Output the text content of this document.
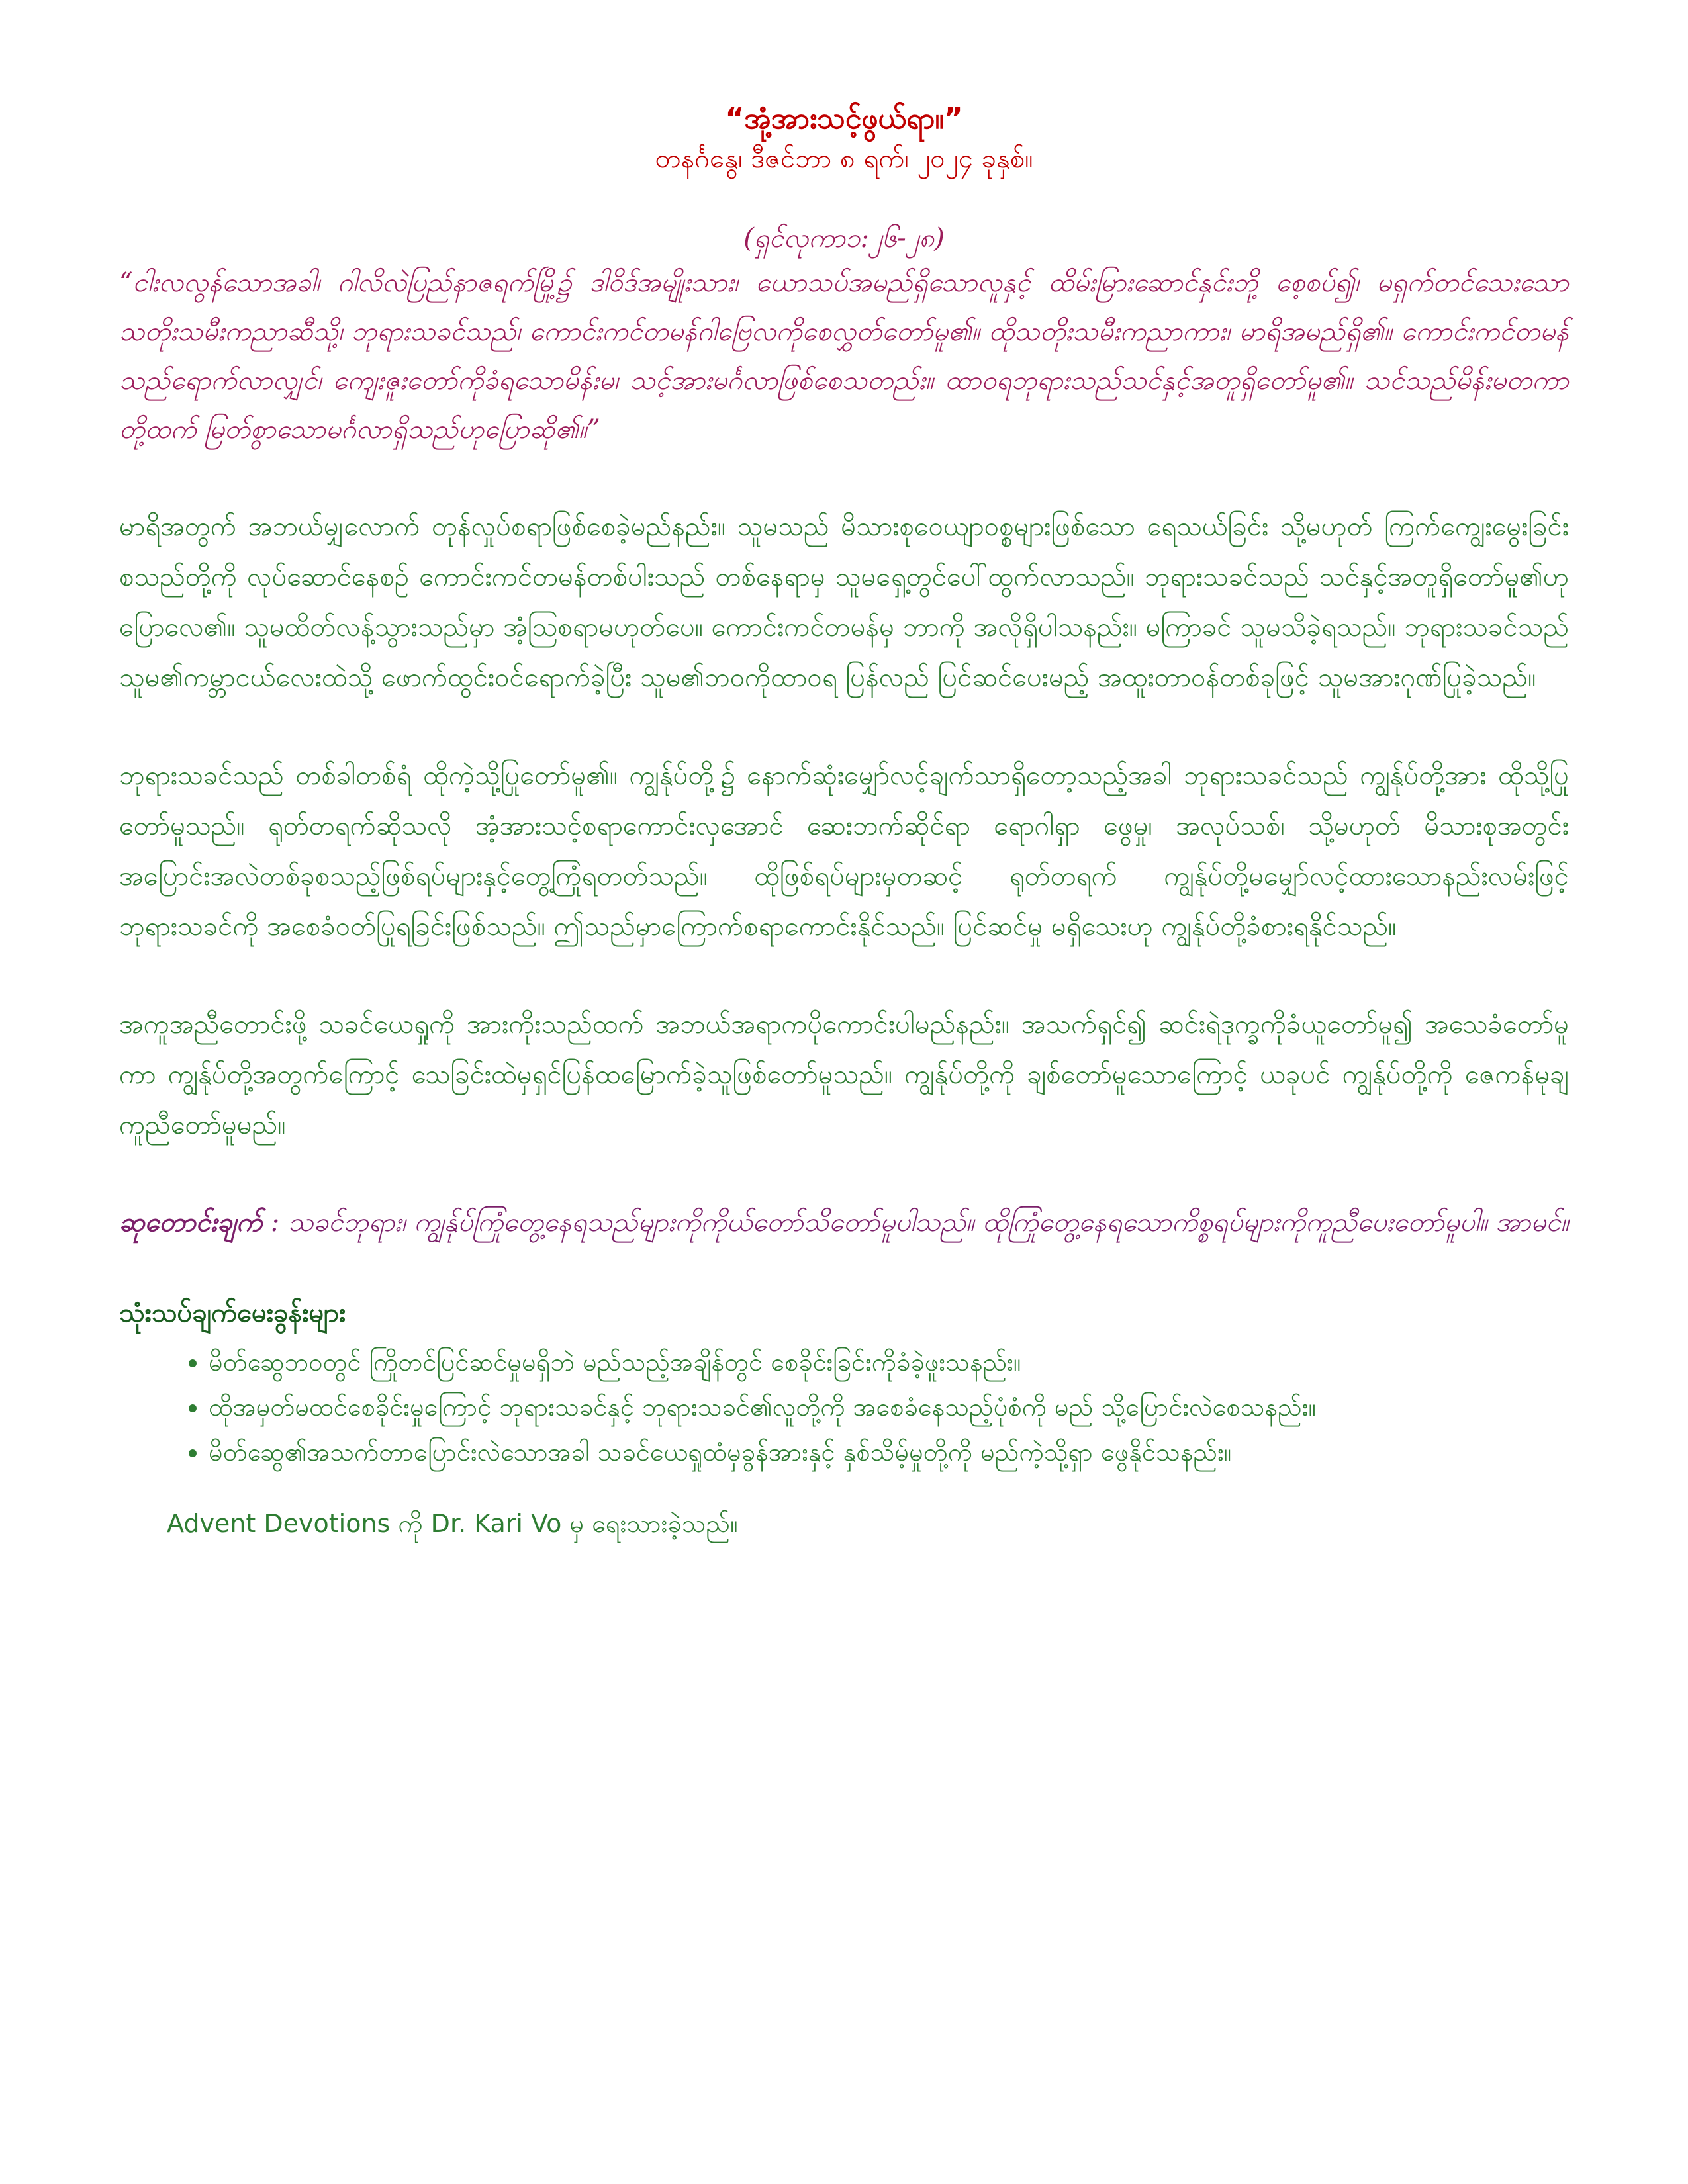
“အုံ့အားသင့်ဖွယ်ရာ။”

တနင်္ဂနွေ၊ ဒီဇင်ဘာ ၈ ရက်၊ ၂၀၂၄ ခုနှစ်။

(ရှင်လုကာ၁:၂၆-၂၈)

“ငါးလလွန်သောအခါ၊ ဂါလိလဲပြည်နာဇရက်မြို့၌ ဒါဝိဒ်အမျိုးသား၊ ယောသပ်အမည်ရှိသောလူနှင့် ထိမ်းမြားဆောင်နှင်းဘို့ စေ့စပ်၍၊ မရှက်တင်သေးသောသတိုးသမီးကညာဆီသို့၊ ဘုရားသခင်သည်၊ ကောင်းကင်တမန်ဂါဗြေလကိုစေလွှတ်တော်မူ၏။ ထိုသတိုးသမီးကညာကား၊ မာရိအမည်ရှိ၏။ ကောင်းကင်တမန်သည်ရောက်လာလျှင်၊ ကျေးဇူးတော်ကိုခံရသောမိန်းမ၊ သင့်အားမင်္ဂလာဖြစ်စေသတည်း။ ထာဝရဘုရားသည်သင်နှင့်အတူရှိတော်မူ၏။ သင်သည်မိန်းမတကာတို့ထက် မြတ်စွာသောမင်္ဂလာရှိသည်ဟုပြောဆို၏။”

မာရိအတွက် အဘယ်မျှလောက် တုန်လှုပ်စရာဖြစ်စေခဲ့မည်နည်း။ သူမသည် မိသားစုဝေယျာဝစ္စများဖြစ်သော ရေသယ်ခြင်း သို့မဟုတ် ကြက်ကျွေးမွေးခြင်းစသည်တို့ကို လုပ်ဆောင်နေစဉ် ကောင်းကင်တမန်တစ်ပါးသည် တစ်နေရာမှ သူမရှေ့တွင်ပေါ်ထွက်လာသည်။ ဘုရားသခင်သည် သင်နှင့်အတူရှိတော်မူ၏ဟုပြောလေ၏။ သူမထိတ်လန့်သွားသည်မှာ အံ့သြစရာမဟုတ်ပေ။ ကောင်းကင်တမန်မှ ဘာကို အလိုရှိပါသနည်း။ မကြာခင် သူမသိခဲ့ရသည်။ ဘုရားသခင်သည် သူမ၏ကမ္ဘာငယ်လေးထဲသို့ ဖောက်ထွင်းဝင်ရောက်ခဲ့ပြီး သူမ၏ဘဝကိုထာဝရ ပြန်လည် ပြင်ဆင်ပေးမည့် အထူးတာဝန်တစ်ခုဖြင့် သူမအားဂုဏ်ပြုခဲ့သည်။

ဘုရားသခင်သည် တစ်ခါတစ်ရံ ထိုကဲ့သို့ပြုတော်မူ၏။ ကျွန်ုပ်တို့၌ နောက်ဆုံးမျှော်လင့်ချက်သာရှိတော့သည့်အခါ ဘုရားသခင်သည် ကျွန်ုပ်တို့အား ထိုသို့ပြုတော်မူသည်။ ရုတ်တရက်ဆိုသလို အံ့အားသင့်စရာကောင်းလှအောင် ဆေးဘက်ဆိုင်ရာ ရောဂါရှာ ဖွေမှု၊ အလုပ်သစ်၊ သို့မဟုတ် မိသားစုအတွင်း အပြောင်းအလဲတစ်ခုစသည့်ဖြစ်ရပ်များနှင့်တွေ့ကြုံရတတ်သည်။ ထိုဖြစ်ရပ်များမှတဆင့် ရုတ်တရက် ကျွန်ုပ်တို့မမျှော်လင့်ထားသောနည်းလမ်းဖြင့် ဘုရားသခင်ကို အစေခံဝတ်ပြုရခြင်းဖြစ်သည်။ ဤသည်မှာကြောက်စရာကောင်းနိုင်သည်။ ပြင်ဆင်မှု မရှိသေးဟု ကျွန်ုပ်တို့ခံစားရနိုင်သည်။

အကူအညီတောင်းဖို့ သခင်ယေရှုကို အားကိုးသည်ထက် အဘယ်အရာကပိုကောင်းပါမည်နည်း။ အသက်ရှင်၍ ဆင်းရဲဒုက္ခကိုခံယူတော်မူ၍ အသေခံတော်မူကာ ကျွန်ုပ်တို့အတွက်ကြောင့် သေခြင်းထဲမှရှင်ပြန်ထမြောက်ခဲ့သူဖြစ်တော်မူသည်။ ကျွန်ုပ်တို့ကို ချစ်တော်မူသောကြောင့် ယခုပင် ကျွန်ုပ်တို့ကို ဇေကန်မုချ ကူညီတော်မူမည်။

ဆုတောင်းချက် : သခင်ဘုရား၊ ကျွန်ုပ်ကြုံတွေ့နေရသည်များကိုကိုယ်တော်သိတော်မူပါသည်။ ထိုကြုံတွေ့နေရသောကိစ္စရပ်များကိုကူညီပေးတော်မူပါ။ အာမင်။

သုံးသပ်ချက်မေးခွန်းများ

• မိတ်ဆွေဘဝတွင် ကြိုတင်ပြင်ဆင်မှုမရှိဘဲ မည်သည့်အချိန်တွင် စေခိုင်းခြင်းကိုခံခဲ့ဖူးသနည်း။
• ထိုအမှတ်မထင်စေခိုင်းမှုကြောင့် ဘုရားသခင်နှင့် ဘုရားသခင်၏လူတို့ကို အစေခံနေသည့်ပုံစံကို မည် သို့ပြောင်းလဲစေသနည်း။
• မိတ်ဆွေ၏အသက်တာပြောင်းလဲသောအခါ သခင်ယေရှုထံမှခွန်အားနှင့် နှစ်သိမ့်မှုတို့ကို မည်ကဲ့သို့ရှာ ဖွေနိုင်သနည်း။

Advent Devotions ကို Dr. Kari Vo မှ ရေးသားခဲ့သည်။
